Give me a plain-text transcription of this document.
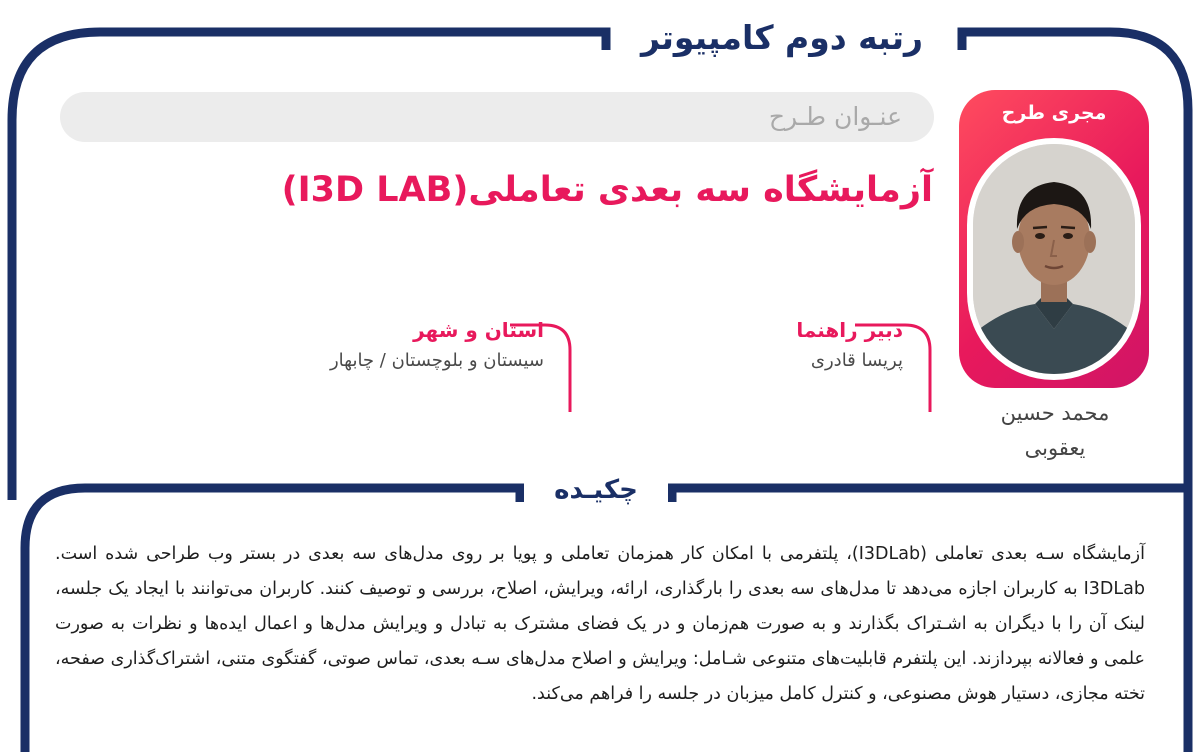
رتبه دوم کامپیوتر
عنـوان طـرح
آزمایشگاه سه بعدی تعاملی(I3D LAB)
مجری طرح
محمد حسین
یعقوبی
دبیر راهنما
پریسا قادری
استان و شهر
سیستان و بلوچستان / چابهار
چکیـده
آزمایشگاه سـه بعدی تعاملی (I3DLab)، پلتفرمی با امکان کار همزمان تعاملی و پویا بر روی مدل‌های سه بعدی در بستر وب طراحی شده است. I3DLab به کاربران اجازه می‌دهد تا مدل‌های سه بعدی را بارگذاری، ارائه، ویرایش، اصلاح، بررسی و توصیف کنند. کاربران می‌توانند با ایجاد یک جلسه، لینک آن را با دیگران به اشـتراک بگذارند و به صورت هم‌زمان و در یک فضای مشترک به تبادل و ویرایش مدل‌ها و اعمال ایده‌ها و نظرات به صورت علمی و فعالانه بپردازند. این پلتفرم قابلیت‌های متنوعی شـامل: ویرایش و اصلاح مدل‌های سـه بعدی، تماس صوتی، گفتگوی متنی، اشتراک‌گذاری صفحه، تخته مجازی، دستیار هوش مصنوعی، و کنترل کامل میزبان در جلسه را فراهم می‌کند.
